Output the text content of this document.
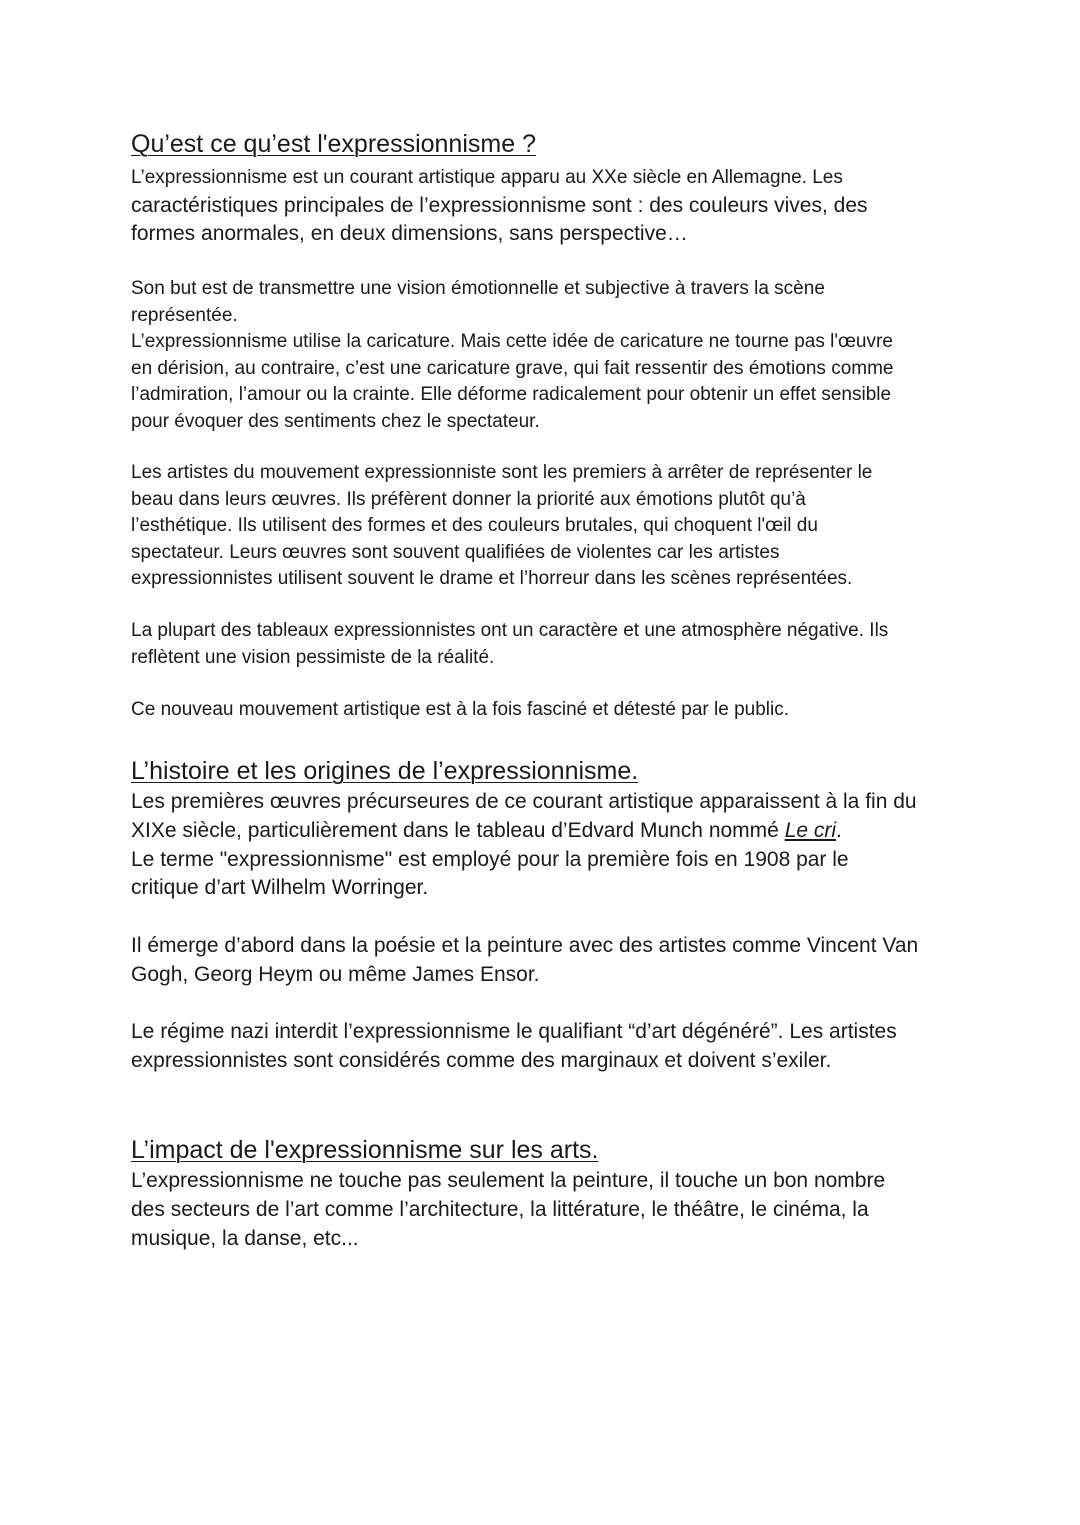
Qu’est ce qu’est l'expressionnisme ?

L’expressionnisme est un courant artistique apparu au XXe siècle en Allemagne. Les
caractéristiques principales de l’expressionnisme sont : des couleurs vives, des
formes anormales, en deux dimensions, sans perspective…

Son but est de transmettre une vision émotionnelle et subjective à travers la scène
représentée.
L’expressionnisme utilise la caricature. Mais cette idée de caricature ne tourne pas l'œuvre
en dérision, au contraire, c’est une caricature grave, qui fait ressentir des émotions comme
l’admiration, l’amour ou la crainte. Elle déforme radicalement pour obtenir un effet sensible
pour évoquer des sentiments chez le spectateur.

Les artistes du mouvement expressionniste sont les premiers à arrêter de représenter le
beau dans leurs œuvres. Ils préfèrent donner la priorité aux émotions plutôt qu’à
l’esthétique. Ils utilisent des formes et des couleurs brutales, qui choquent l'œil du
spectateur. Leurs œuvres sont souvent qualifiées de violentes car les artistes
expressionnistes utilisent souvent le drame et l’horreur dans les scènes représentées.

La plupart des tableaux expressionnistes ont un caractère et une atmosphère négative. Ils
reflètent une vision pessimiste de la réalité.

Ce nouveau mouvement artistique est à la fois fasciné et détesté par le public.

L’histoire et les origines de l’expressionnisme.

Les premières œuvres précurseures de ce courant artistique apparaissent à la fin du
XIXe siècle, particulièrement dans le tableau d’Edvard Munch nommé Le cri.
Le terme "expressionnisme" est employé pour la première fois en 1908 par le
critique d’art Wilhelm Worringer.

Il émerge d’abord dans la poésie et la peinture avec des artistes comme Vincent Van
Gogh, Georg Heym ou même James Ensor.

Le régime nazi interdit l’expressionnisme le qualifiant “d’art dégénéré”. Les artistes
expressionnistes sont considérés comme des marginaux et doivent s’exiler.

L’impact de l'expressionnisme sur les arts.

L’expressionnisme ne touche pas seulement la peinture, il touche un bon nombre
des secteurs de l’art comme l’architecture, la littérature, le théâtre, le cinéma, la
musique, la danse, etc...
